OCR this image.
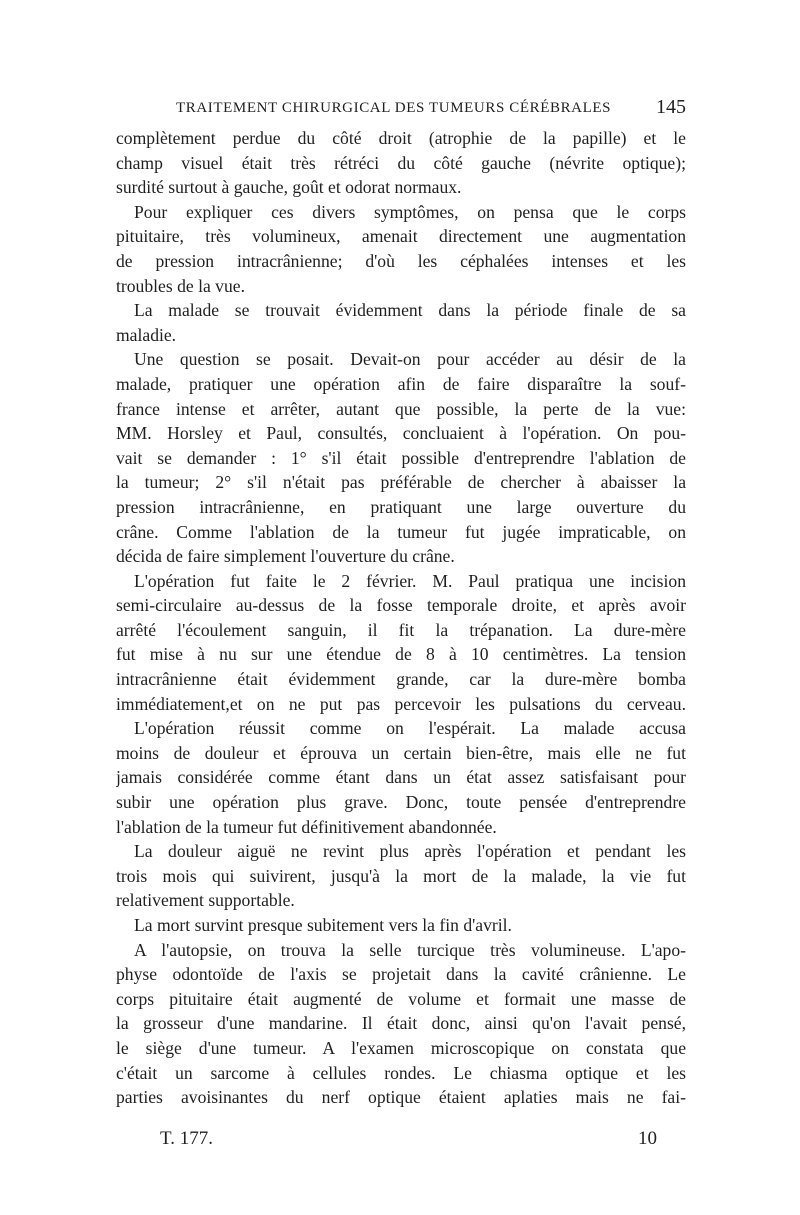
TRAITEMENT CHIRURGICAL DES TUMEURS CÉRÉBRALES 145
complètement perdue du côté droit (atrophie de la papille) et le
champ visuel était très rétréci du côté gauche (névrite optique);
surdité surtout à gauche, goût et odorat normaux.
Pour expliquer ces divers symptômes, on pensa que le corps
pituitaire, très volumineux, amenait directement une augmentation
de pression intracrânienne; d'où les céphalées intenses et les
troubles de la vue.
La malade se trouvait évidemment dans la période finale de sa
maladie.
Une question se posait. Devait-on pour accéder au désir de la
malade, pratiquer une opération afin de faire disparaître la souf-
france intense et arrêter, autant que possible, la perte de la vue:
MM. Horsley et Paul, consultés, concluaient à l'opération. On pou-
vait se demander : 1° s'il était possible d'entreprendre l'ablation de
la tumeur; 2° s'il n'était pas préférable de chercher à abaisser la
pression intracrânienne, en pratiquant une large ouverture du
crâne. Comme l'ablation de la tumeur fut jugée impraticable, on
décida de faire simplement l'ouverture du crâne.
L'opération fut faite le 2 février. M. Paul pratiqua une incision
semi-circulaire au-dessus de la fosse temporale droite, et après avoir
arrêté l'écoulement sanguin, il fit la trépanation. La dure-mère
fut mise à nu sur une étendue de 8 à 10 centimètres. La tension
intracrânienne était évidemment grande, car la dure-mère bomba
immédiatement,et on ne put pas percevoir les pulsations du cerveau.
L'opération réussit comme on l'espérait. La malade accusa
moins de douleur et éprouva un certain bien-être, mais elle ne fut
jamais considérée comme étant dans un état assez satisfaisant pour
subir une opération plus grave. Donc, toute pensée d'entreprendre
l'ablation de la tumeur fut définitivement abandonnée.
La douleur aiguë ne revint plus après l'opération et pendant les
trois mois qui suivirent, jusqu'à la mort de la malade, la vie fut
relativement supportable.
La mort survint presque subitement vers la fin d'avril.
A l'autopsie, on trouva la selle turcique très volumineuse. L'apo-
physe odontoïde de l'axis se projetait dans la cavité crânienne. Le
corps pituitaire était augmenté de volume et formait une masse de
la grosseur d'une mandarine. Il était donc, ainsi qu'on l'avait pensé,
le siège d'une tumeur. A l'examen microscopique on constata que
c'était un sarcome à cellules rondes. Le chiasma optique et les
parties avoisinantes du nerf optique étaient aplaties mais ne fai-
T. 177.	10
